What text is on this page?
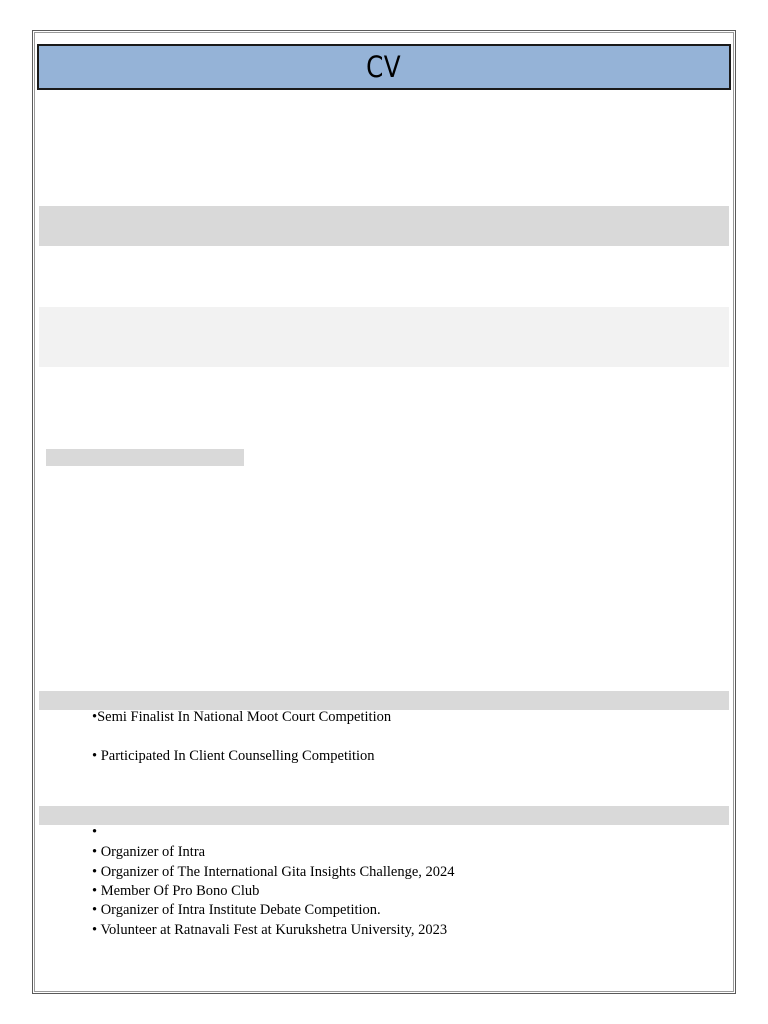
CV
•Semi Finalist In National Moot Court Competition
• Participated In Client Counselling Competition
•
• Organizer of Intra
• Organizer of The International Gita Insights Challenge, 2024
• Member Of Pro Bono Club
• Organizer of Intra Institute Debate Competition.
• Volunteer at Ratnavali Fest at Kurukshetra University, 2023
